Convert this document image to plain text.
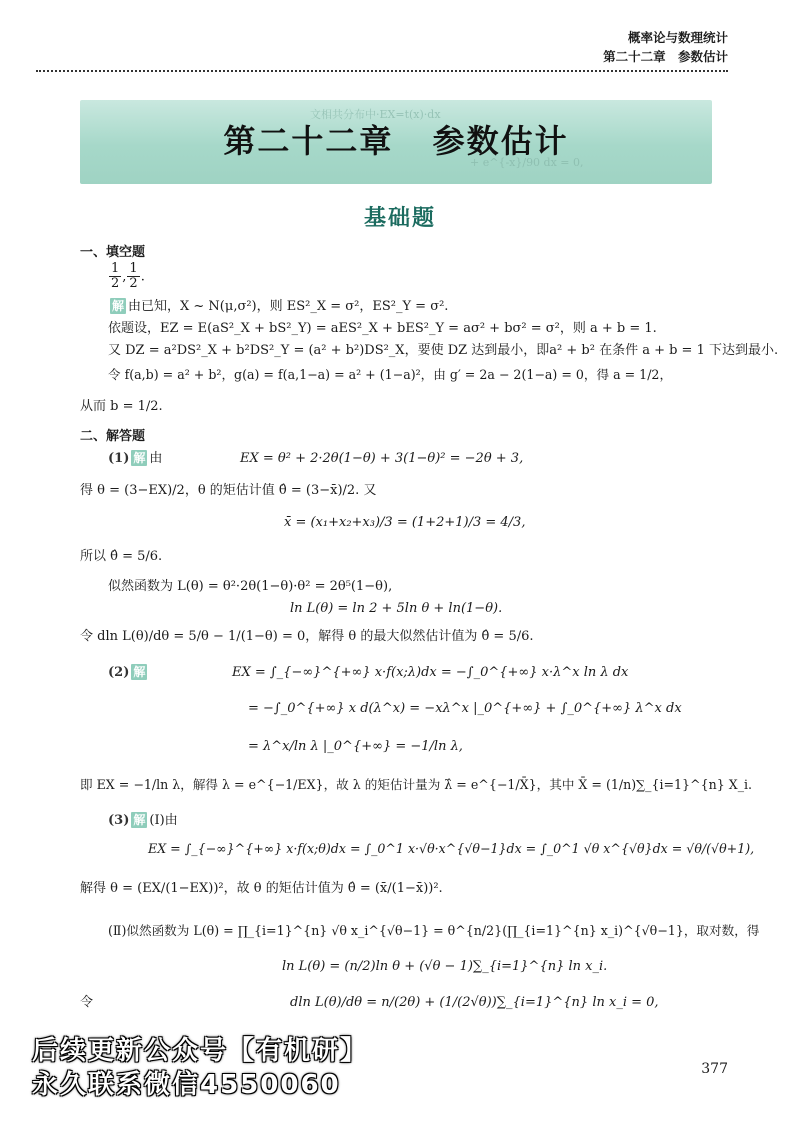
概率论与数理统计
第二十二章 参数估计
文相共分布中·EX=t(x)·dx
+ e^{-x}/90 dx = 0,
第二十二章 参数估计
基础题
一、填空题
$\frac{1}{2}$ , $\frac{1}{2}$ .
解 由已知，X ~ N(μ,σ²)，则 ES²_X = σ²，ES²_Y = σ².
依题设，EZ = E(aS²_X + bS²_Y) = aES²_X + bES²_Y = aσ² + bσ² = σ²，则 a + b = 1.
又 DZ = a²DS²_X + b²DS²_Y = (a² + b²)DS²_X，要使 DZ 达到最小，即a² + b² 在条件 a + b = 1 下达到最小.
令 f(a,b) = a² + b²，g(a) = f(a,1−a) = a² + (1−a)²，由 g′ = 2a − 2(1−a) = 0，得 a = 1/2，
从而 b = 1/2.
二、解答题
(1) 解 由	EX = θ² + 2·2θ(1−θ) + 3(1−θ)² = −2θ + 3,
得 θ = (3−EX)/2，θ 的矩估计值 θ̂ = (3−x̄)/2. 又
x̄ = (x₁+x₂+x₃)/3 = (1+2+1)/3 = 4/3,
所以 θ̂ = 5/6.
似然函数为 L(θ) = θ²·2θ(1−θ)·θ² = 2θ⁵(1−θ),
ln L(θ) = ln 2 + 5ln θ + ln(1−θ).
令 dln L(θ)/dθ = 5/θ − 1/(1−θ) = 0，解得 θ 的最大似然估计值为 θ̂ = 5/6.
(2) 解	EX = ∫_{−∞}^{+∞} x·f(x;λ)dx = −∫_0^{+∞} x·λ^x ln λ dx
= −∫_0^{+∞} x d(λ^x) = −xλ^x |_0^{+∞} + ∫_0^{+∞} λ^x dx
= λ^x/ln λ |_0^{+∞} = −1/ln λ,
即 EX = −1/ln λ，解得 λ = e^{−1/EX}，故 λ 的矩估计量为 λ̂ = e^{−1/X̄}，其中 X̄ = (1/n)∑_{i=1}^{n} X_i.
(3) 解 (Ⅰ)由
EX = ∫_{−∞}^{+∞} x·f(x;θ)dx = ∫_0^1 x·√θ·x^{√θ−1}dx = ∫_0^1 √θ x^{√θ}dx = √θ/(√θ+1),
解得 θ = (EX/(1−EX))²，故 θ 的矩估计值为 θ̂ = (x̄/(1−x̄))².
(Ⅱ)似然函数为 L(θ) = ∏_{i=1}^{n} √θ x_i^{√θ−1} = θ^{n/2}(∏_{i=1}^{n} x_i)^{√θ−1}，取对数，得
ln L(θ) = (n/2)ln θ + (√θ − 1)∑_{i=1}^{n} ln x_i.
令	dln L(θ)/dθ = n/(2θ) + (1/(2√θ))∑_{i=1}^{n} ln x_i = 0,
377
后续更新公众号【有机研】
永久联系微信4550060
